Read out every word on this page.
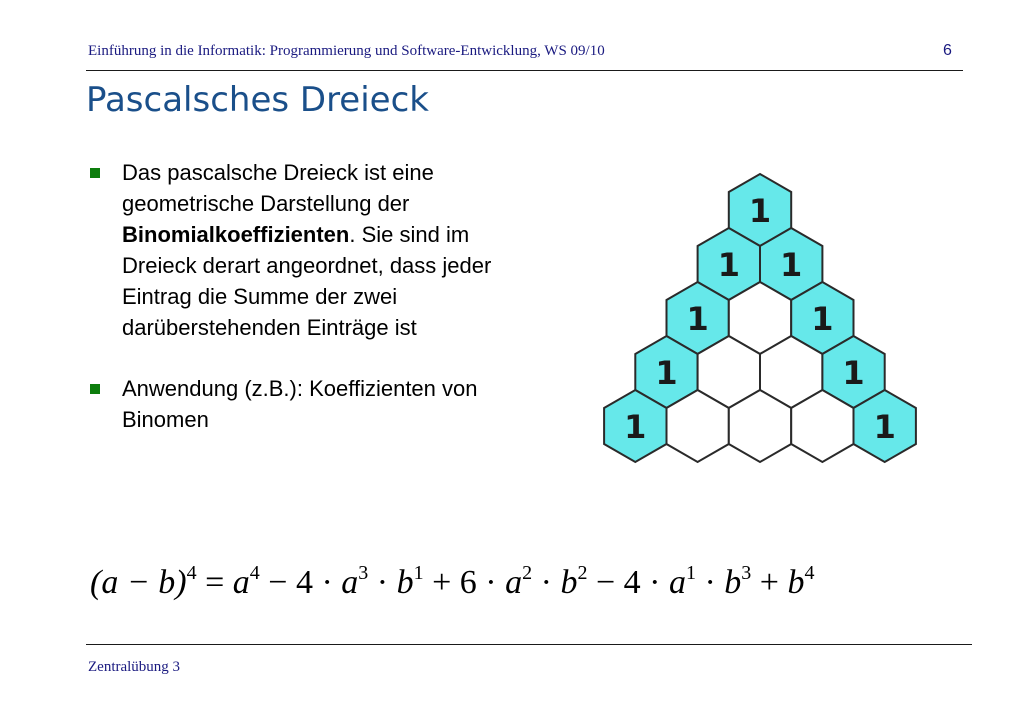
Einführung in die Informatik: Programmierung und Software-Entwicklung, WS 09/10	6
Pascalsches Dreieck
Das pascalsche Dreieck ist eine geometrische Darstellung der Binomialkoeffizienten. Sie sind im Dreieck derart angeordnet, dass jeder Eintrag die Summe der zwei darüberstehenden Einträge ist
Anwendung (z.B.): Koeffizienten von Binomen
1
1 1
1	1
1	1
1	1
$(a - b)^4 = a^4 - 4 \cdot a^3 \cdot b^1 + 6 \cdot a^2 \cdot b^2 - 4 \cdot a^1 \cdot b^3 + b^4$
Zentralübung 3
